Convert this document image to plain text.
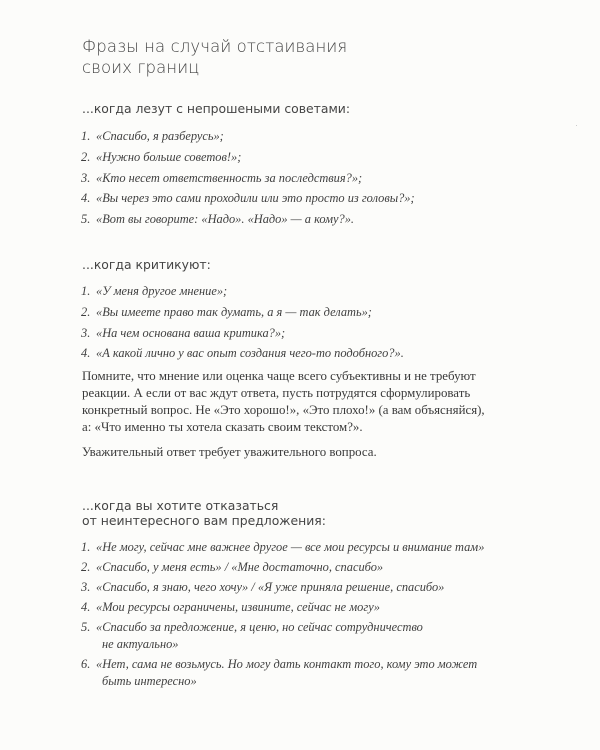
Фразы на случай отстаивания
своих границ
...когда лезут с непрошеными советами:
1. «Спасибо, я разберусь»;
2. «Нужно больше советов!»;
3. «Кто несет ответственность за последствия?»;
4. «Вы через это сами проходили или это просто из головы?»;
5. «Вот вы говорите: «Надо». «Надо» — а кому?».
...когда критикуют:
1. «У меня другое мнение»;
2. «Вы имеете право так думать, а я — так делать»;
3. «На чем основана ваша критика?»;
4. «А какой лично у вас опыт создания чего-то подобного?».
Помните, что мнение или оценка чаще всего субъективны и не требуют
реакции. А если от вас ждут ответа, пусть потрудятся сформулировать
конкретный вопрос. Не «Это хорошо!», «Это плохо!» (а вам объясняйся),
а: «Что именно ты хотела сказать своим текстом?».
Уважительный ответ требует уважительного вопроса.
...когда вы хотите отказаться
от неинтересного вам предложения:
1. «Не могу, сейчас мне важнее другое — все мои ресурсы и внимание там»
2. «Спасибо, у меня есть» / «Мне достаточно, спасибо»
3. «Спасибо, я знаю, чего хочу» / «Я уже приняла решение, спасибо»
4. «Мои ресурсы ограничены, извините, сейчас не могу»
5. «Спасибо за предложение, я ценю, но сейчас сотрудничество
не актуально»
6. «Нет, сама не возьмусь. Но могу дать контакт того, кому это может
быть интересно»
